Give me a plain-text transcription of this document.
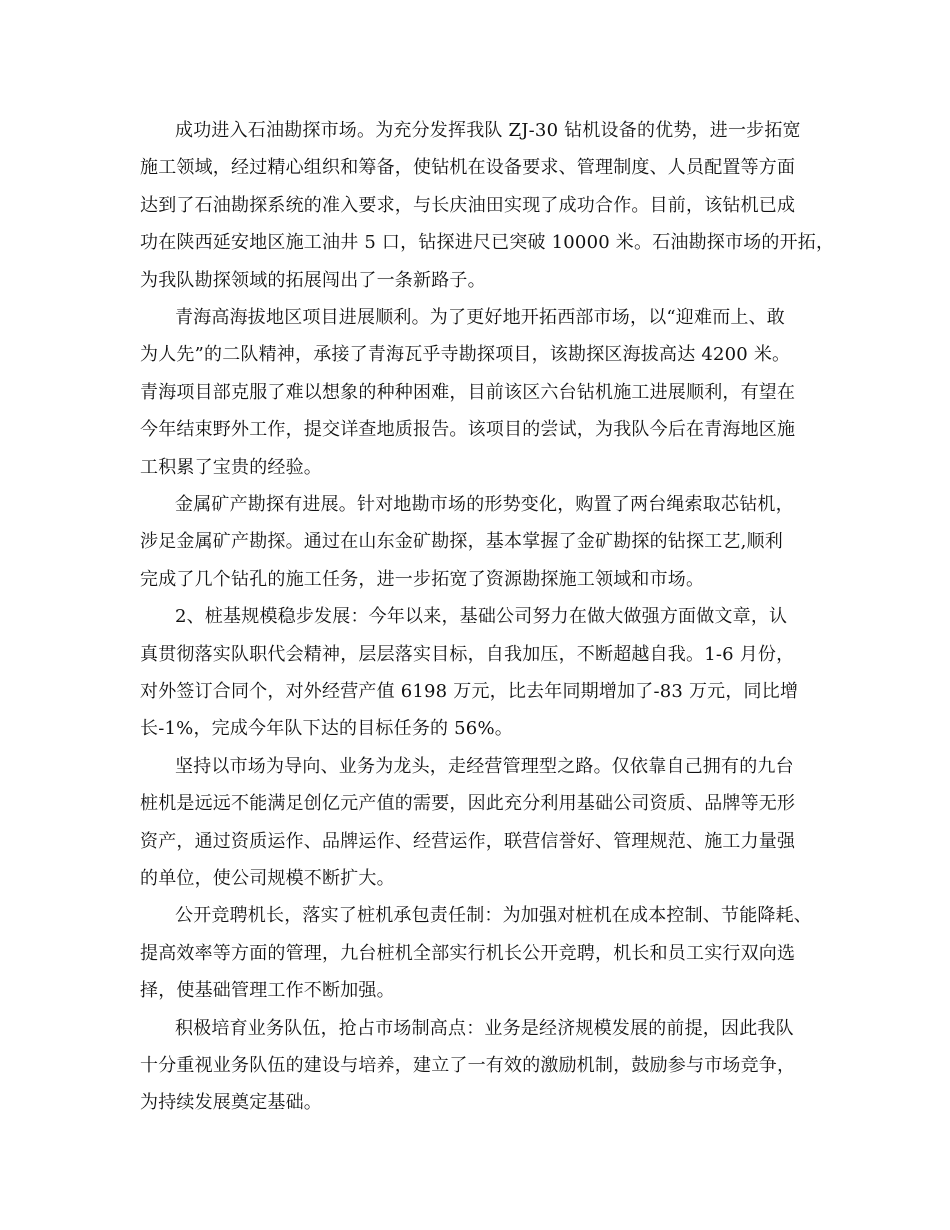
成功进入石油勘探市场。为充分发挥我队 ZJ-30 钻机设备的优势，进一步拓宽
施工领域，经过精心组织和筹备，使钻机在设备要求、管理制度、人员配置等方面
达到了石油勘探系统的准入要求，与长庆油田实现了成功合作。目前，该钻机已成
功在陕西延安地区施工油井 5 口，钻探进尺已突破 10000 米。石油勘探市场的开拓，
为我队勘探领域的拓展闯出了一条新路子。
青海高海拔地区项目进展顺利。为了更好地开拓西部市场，以“迎难而上、敢
为人先”的二队精神，承接了青海瓦乎寺勘探项目，该勘探区海拔高达 4200 米。
青海项目部克服了难以想象的种种困难，目前该区六台钻机施工进展顺利，有望在
今年结束野外工作，提交详查地质报告。该项目的尝试，为我队今后在青海地区施
工积累了宝贵的经验。
金属矿产勘探有进展。针对地勘市场的形势变化，购置了两台绳索取芯钻机，
涉足金属矿产勘探。通过在山东金矿勘探，基本掌握了金矿勘探的钻探工艺,顺利
完成了几个钻孔的施工任务，进一步拓宽了资源勘探施工领域和市场。
2、桩基规模稳步发展：今年以来，基础公司努力在做大做强方面做文章，认
真贯彻落实队职代会精神，层层落实目标，自我加压，不断超越自我。1-6 月份，
对外签订合同个，对外经营产值 6198 万元，比去年同期增加了-83 万元，同比增
长-1%，完成今年队下达的目标任务的 56%。
坚持以市场为导向、业务为龙头，走经营管理型之路。仅依靠自己拥有的九台
桩机是远远不能满足创亿元产值的需要，因此充分利用基础公司资质、品牌等无形
资产，通过资质运作、品牌运作、经营运作，联营信誉好、管理规范、施工力量强
的单位，使公司规模不断扩大。
公开竞聘机长，落实了桩机承包责任制：为加强对桩机在成本控制、节能降耗、
提高效率等方面的管理，九台桩机全部实行机长公开竞聘，机长和员工实行双向选
择，使基础管理工作不断加强。
积极培育业务队伍，抢占市场制高点：业务是经济规模发展的前提，因此我队
十分重视业务队伍的建设与培养，建立了一有效的激励机制，鼓励参与市场竞争，
为持续发展奠定基础。
